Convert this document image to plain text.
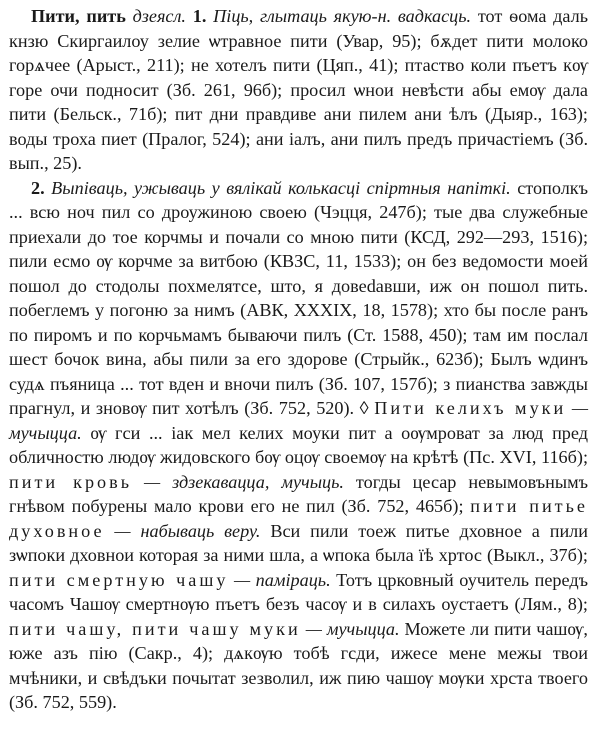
Пити, пить дзеясл. 1. Піць, глытаць якую-н. вадкасць. тот ѳома даль кнзю Скиргаилоу зелие ѡтравное пити (Увар, 95); бѫдет пити молоко горѧчее (Арыст., 211); не хотелъ пити (Цяп., 41); птаство коли пъетъ кѹ горе очи подносит (Зб. 261, 96б); просил ѡнои невѣсти абы емѹ дала пити (Бельск., 71б); пит дни правдиве ани пилем ани ѣлъ (Дыяр., 163); воды троха пиет (Пралог, 524); ани іалъ, ани пилъ предъ причастіемъ (Зб. вып., 25).

2. Выпіваць, ужываць у вялікай колькасці спіртныя напіткі. стополкъ ... всю ноч пил со дроужиною своею (Чэцця, 247б); тые два служебные приехали до тое корчмы и почали со мною пити (КСД, 292—293, 1516); пили есмо ѹ корчме за витбою (КВЗС, 11, 1533); он без ведомости моей пошол до стодолы похмелятсе, што, я довеdавши, иж он пошол пить. побеглемъ у погоню за нимъ (АВК, XXXIX, 18, 1578); хто бы после ранъ по пиромъ и по корчьмамъ бываючи пилъ (Ст. 1588, 450); там им послал шест бочок вина, абы пили за его здорове (Стрыйк., 623б); Былъ ѡдинъ судѧ пъяница ... тот вден и вночи пилъ (Зб. 107, 157б); з пианства завжды прагнул, и зновѹ пит хотѣлъ (Зб. 752, 520). ◊ Пити келихъ муки — мучыцца. ѹ гси ... іак мел келих моуки пит а оѹмроват за люд пред обличностю людѹ жидовского бѹ оцѹ своемѹ на крѣтѣ (Пс. XVI, 116б); пити кровь — здзекавацца, мучыць. тогды цесар невымовънымъ гнѣвом побурены мало крови его не пил (Зб. 752, 465б); пити питье духовное — набываць веру. Вси пили тоеж питье дховное а пили зѡпоки дховнои которая за ними шла, а ѡпока была їѣ хртос (Выкл., 37б); пити смертную чашу — паміраць. Тотъ црковный оучитель передъ часомъ Чашѹ смертнѹю пъетъ безъ часѹ и в силахъ оустаетъ (Лям., 8); пити чашу, пити чашу муки — мучыцца. Можете ли пити чашѹ, юже азъ пію (Сакр., 4); дѧкѹю тобѣ гсди, ижесе мене межы твои мчѣники, и свѣдъки почытат зезволил, иж пию чашѹ мѹки хрста твоего (Зб. 752, 559).
